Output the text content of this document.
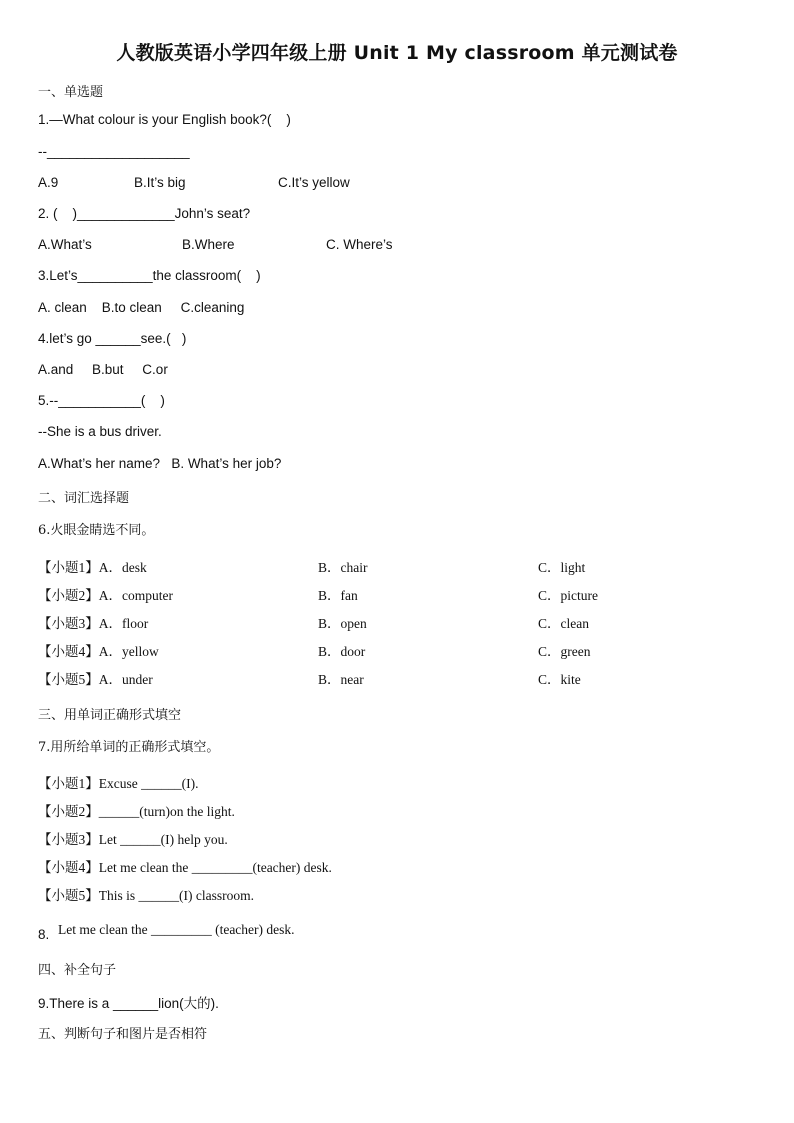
人教版英语小学四年级上册 Unit 1 My classroom 单元测试卷
一、单选题
1.—What colour is your English book?(    )
--___________________
A.9	B.It’s big	C.It’s yellow
2. (    )_____________John’s seat?
A.What’s	B.Where	C. Where’s
3.Let’s__________the classroom(    )
A. clean    B.to clean     C.cleaning
4.let’s go ______see.(   )
A.and     B.but     C.or
5.--___________(    )
--She is a bus driver.
A.What’s her name?   B. What’s her job?
二、词汇选择题
6.火眼金睛选不同。
【小题1】A．desk	B．chair	C．light
【小题2】A．computer	B．fan	C．picture
【小题3】A．floor	B．open	C．clean
【小题4】A．yellow	B．door	C．green
【小题5】A．under	B．near	C．kite
三、用单词正确形式填空
7.用所给单词的正确形式填空。
【小题1】Excuse ______(I).
【小题2】______(turn)on the light.
【小题3】Let ______(I) help you.
【小题4】Let me clean the _________(teacher) desk.
【小题5】This is ______(I) classroom.
8. Let me clean the _________ (teacher) desk.
四、补全句子
9.There is a ______lion(大的).
五、判断句子和图片是否相符
